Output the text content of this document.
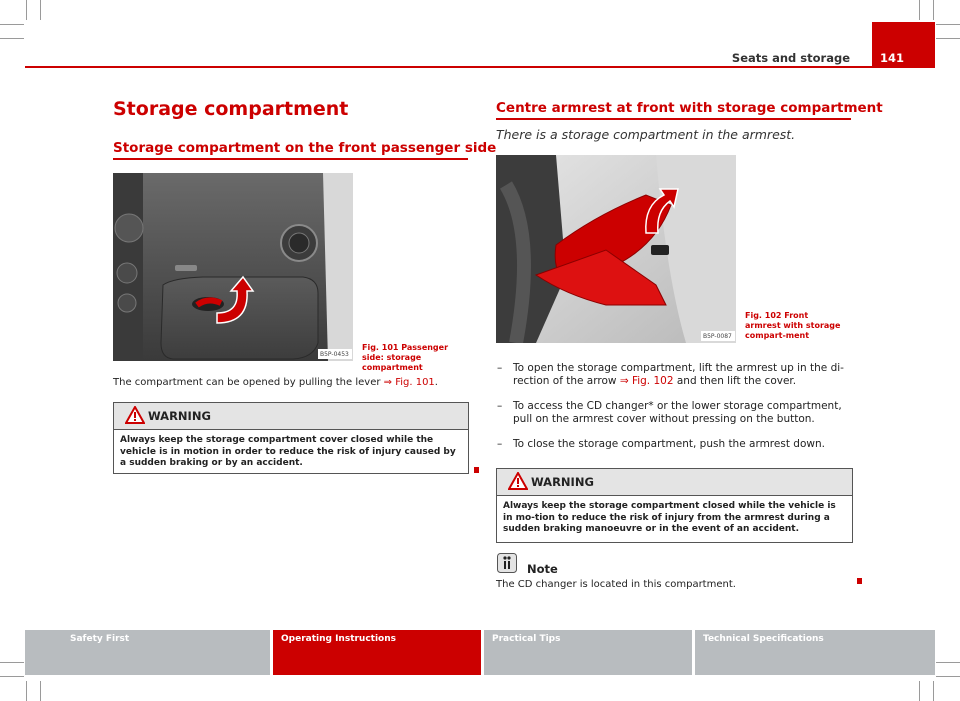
Seats and storage	141
Storage compartment
Storage compartment on the front passenger side
B5P-0453
Fig. 101 Passenger side: storage compartment
The compartment can be opened by pulling the lever ⇒ Fig. 101.
WARNING
Always keep the storage compartment cover closed while the vehicle is in motion in order to reduce the risk of injury caused by a sudden braking or by an accident.
Centre armrest at front with storage compartment
There is a storage compartment in the armrest.
B5P-0087
Fig. 102 Front armrest with storage compart-ment
– To open the storage compartment, lift the armrest up in the di-rection of the arrow ⇒ Fig. 102 and then lift the cover.
– To access the CD changer* or the lower storage compartment, pull on the armrest cover without pressing on the button.
– To close the storage compartment, push the armrest down.
WARNING
Always keep the storage compartment closed while the vehicle is in mo-tion to reduce the risk of injury from the armrest during a sudden braking manoeuvre or in the event of an accident.
Note
The CD changer is located in this compartment.
Safety First	Operating Instructions	Practical Tips	Technical Specifications
